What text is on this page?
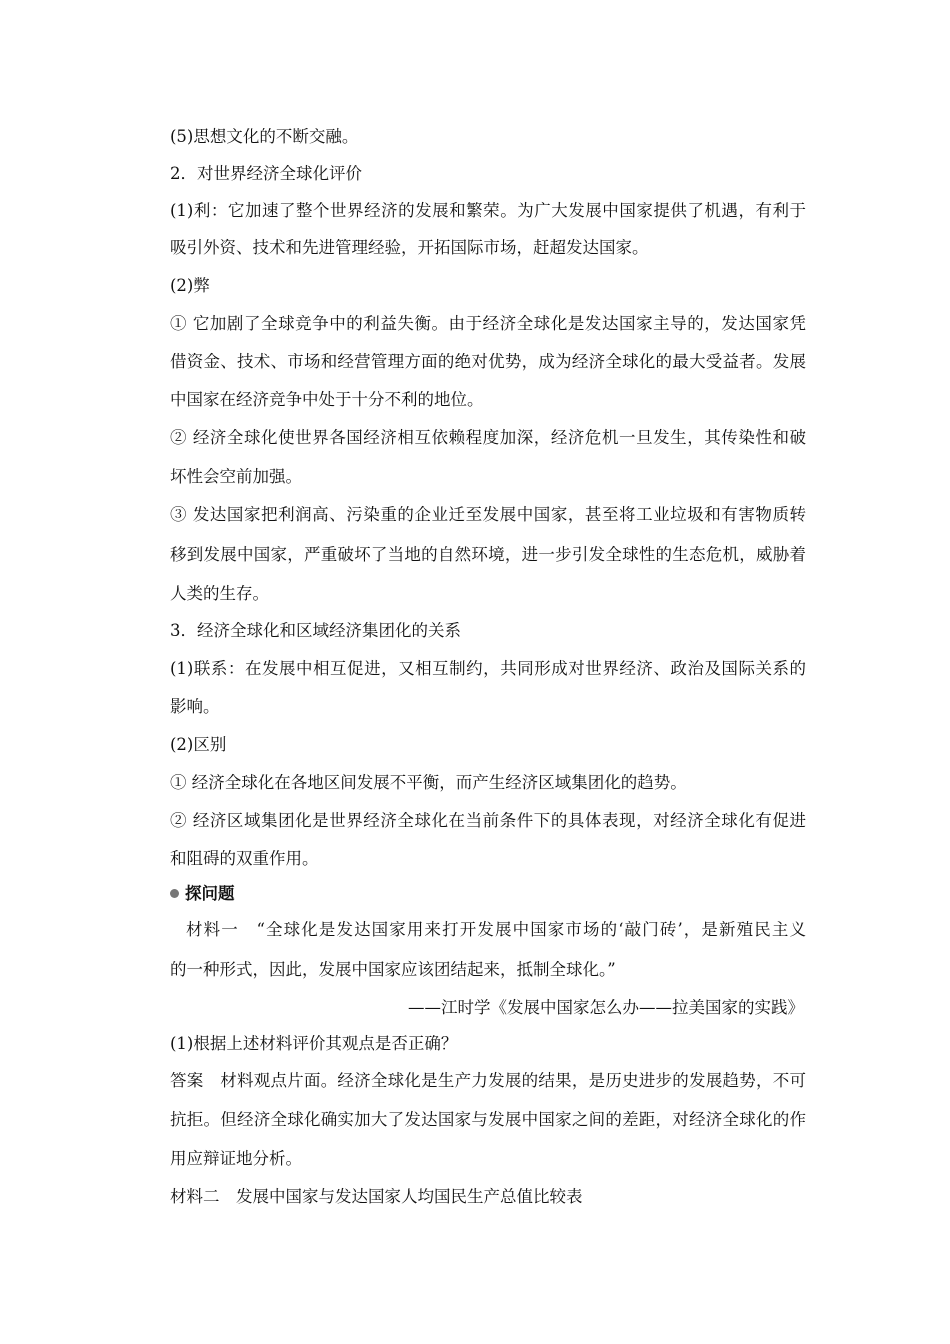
(5)思想文化的不断交融。
2．对世界经济全球化评价
(1)利：它加速了整个世界经济的发展和繁荣。为广大发展中国家提供了机遇，有利于
吸引外资、技术和先进管理经验，开拓国际市场，赶超发达国家。
(2)弊
① 它加剧了全球竞争中的利益失衡。由于经济全球化是发达国家主导的，发达国家凭
借资金、技术、市场和经营管理方面的绝对优势，成为经济全球化的最大受益者。发展
中国家在经济竞争中处于十分不利的地位。
② 经济全球化使世界各国经济相互依赖程度加深，经济危机一旦发生，其传染性和破
坏性会空前加强。
③ 发达国家把利润高、污染重的企业迁至发展中国家，甚至将工业垃圾和有害物质转
移到发展中国家，严重破坏了当地的自然环境，进一步引发全球性的生态危机，威胁着
人类的生存。
3．经济全球化和区域经济集团化的关系
(1)联系：在发展中相互促进，又相互制约，共同形成对世界经济、政治及国际关系的
影响。
(2)区别
① 经济全球化在各地区间发展不平衡，而产生经济区域集团化的趋势。
② 经济区域集团化是世界经济全球化在当前条件下的具体表现，对经济全球化有促进
和阻碍的双重作用。
探问题
材料一　“全球化是发达国家用来打开发展中国家市场的‘敲门砖’，是新殖民主义
的一种形式，因此，发展中国家应该团结起来，抵制全球化。”
——江时学《发展中国家怎么办——拉美国家的实践》
(1)根据上述材料评价其观点是否正确？
答案　材料观点片面。经济全球化是生产力发展的结果，是历史进步的发展趋势，不可
抗拒。但经济全球化确实加大了发达国家与发展中国家之间的差距，对经济全球化的作
用应辩证地分析。
材料二　发展中国家与发达国家人均国民生产总值比较表
